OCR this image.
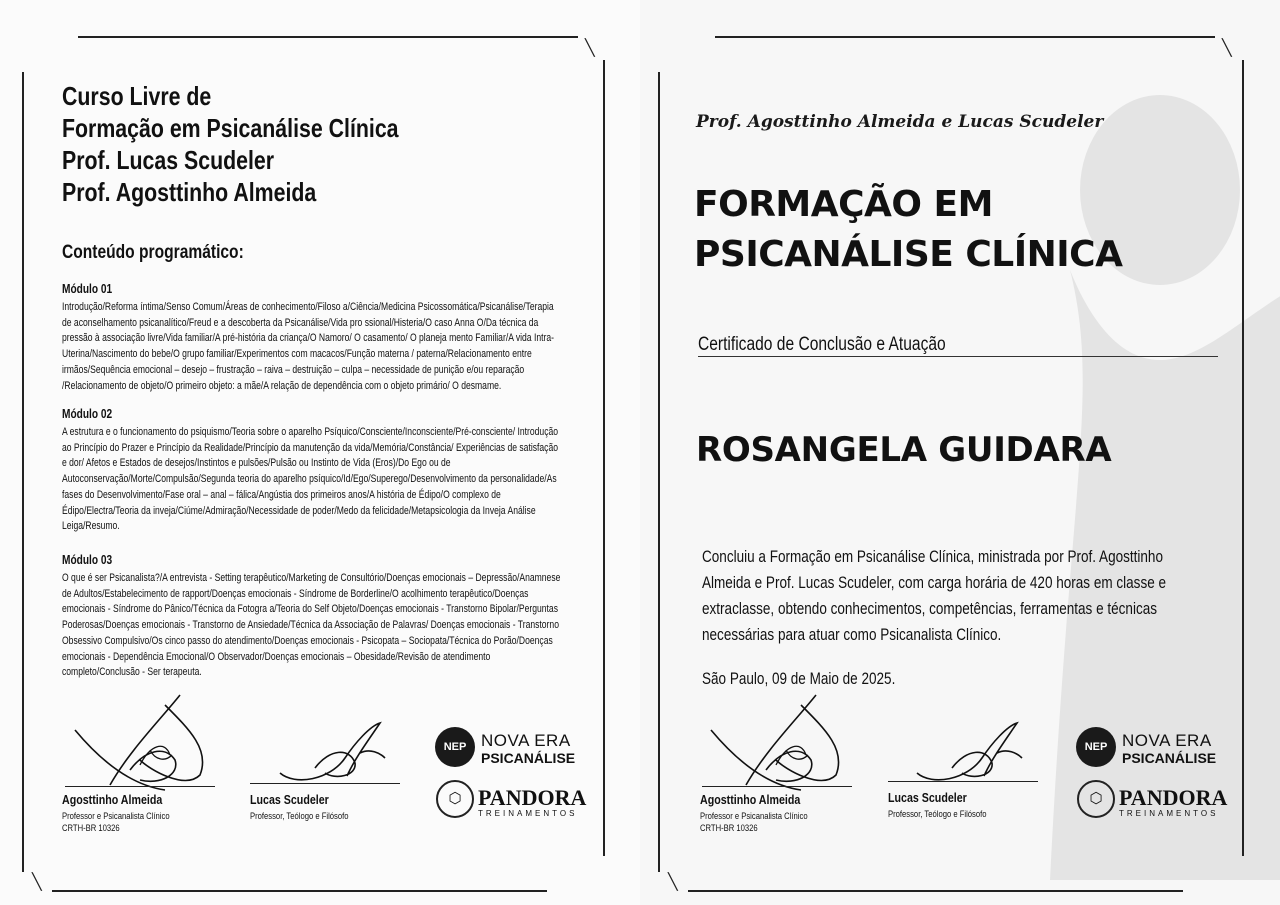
╲
╲
Curso Livre de
Formação em Psicanálise Clínica
Prof. Lucas Scudeler
Prof. Agosttinho Almeida
Conteúdo programático:
Módulo 01

Introdução/Reforma íntima/Senso Comum/Áreas de conhecimento/Filoso a/Ciência/Medicina Psicossomática/Psicanálise/Terapia de aconselhamento psicanalítico/Freud e a descoberta da Psicanálise/Vida pro ssional/Histeria/O caso Anna O/Da técnica da pressão à associação livre/Vida familiar/A pré-história da criança/O Namoro/ O casamento/ O planeja mento Familiar/A vida Intra-Uterina/Nascimento do bebe/O grupo familiar/Experimentos com macacos/Função materna / paterna/Relacionamento entre irmãos/Sequência emocional – desejo – frustração – raiva – destruição – culpa – necessidade de punição e/ou reparação /Relacionamento de objeto/O primeiro objeto: a mãe/A relação de dependência com o objeto primário/ O desmame.

Módulo 02

A estrutura e o funcionamento do psiquismo/Teoria sobre o aparelho Psíquico/Consciente/Inconsciente/Pré-consciente/ Introdução ao Princípio do Prazer e Princípio da Realidade/Princípio da manutenção da vida/Memória/Constância/ Experiências de satisfação e dor/ Afetos e Estados de desejos/Instintos e pulsões/Pulsão ou Instinto de Vida (Eros)/Do Ego ou de Autoconservação/Morte/Compulsão/Segunda teoria do aparelho psíquico/Id/Ego/Superego/Desenvolvimento da personalidade/As fases do Desenvolvimento/Fase oral – anal – fálica/Angústia dos primeiros anos/A história de Édipo/O complexo de Édipo/Electra/Teoria da inveja/Ciúme/Admiração/Necessidade de poder/Medo da felicidade/Metapsicologia da Inveja Análise Leiga/Resumo.

Módulo 03

O que é ser Psicanalista?/A entrevista - Setting terapêutico/Marketing de Consultório/Doenças emocionais – Depressão/Anamnese de Adultos/Estabelecimento de rapport/Doenças emocionais - Síndrome de Borderline/O acolhimento terapêutico/Doenças emocionais - Síndrome do Pânico/Técnica da Fotogra a/Teoria do Self Objeto/Doenças emocionais - Transtorno Bipolar/Perguntas Poderosas/Doenças emocionais - Transtorno de Ansiedade/Técnica da Associação de Palavras/ Doenças emocionais - Transtorno Obsessivo Compulsivo/Os cinco passo do atendimento/Doenças emocionais - Psicopata – Sociopata/Técnica do Porão/Doenças emocionais - Dependência Emocional/O Observador/Doenças emocionais – Obesidade/Revisão de atendimento completo/Conclusão - Ser terapeuta.

Agosttinho Almeida
Professor e Psicanalista Clínico
CRTH-BR 10326
Lucas Scudeler
Professor, Teólogo e Filósofo
NEP NOVA ERA
PSICANÁLISE
⬡ PANDORA
TREINAMENTOS
╲
╲
Prof. Agosttinho Almeida e Lucas Scudeler
FORMAÇÃO EM
PSICANÁLISE CLÍNICA
Certificado de Conclusão e Atuação
ROSANGELA GUIDARA
Concluiu a Formação em Psicanálise Clínica, ministrada por Prof. Agosttinho Almeida e Prof. Lucas Scudeler, com carga horária de 420 horas em classe e extraclasse, obtendo conhecimentos, competências, ferramentas e técnicas necessárias para atuar como Psicanalista Clínico.
São Paulo, 09 de Maio de 2025.
Agosttinho Almeida
Professor e Psicanalista Clínico
CRTH-BR 10326
Lucas Scudeler
Professor, Teólogo e Filósofo
NEP NOVA ERA
PSICANÁLISE
⬡ PANDORA
TREINAMENTOS
